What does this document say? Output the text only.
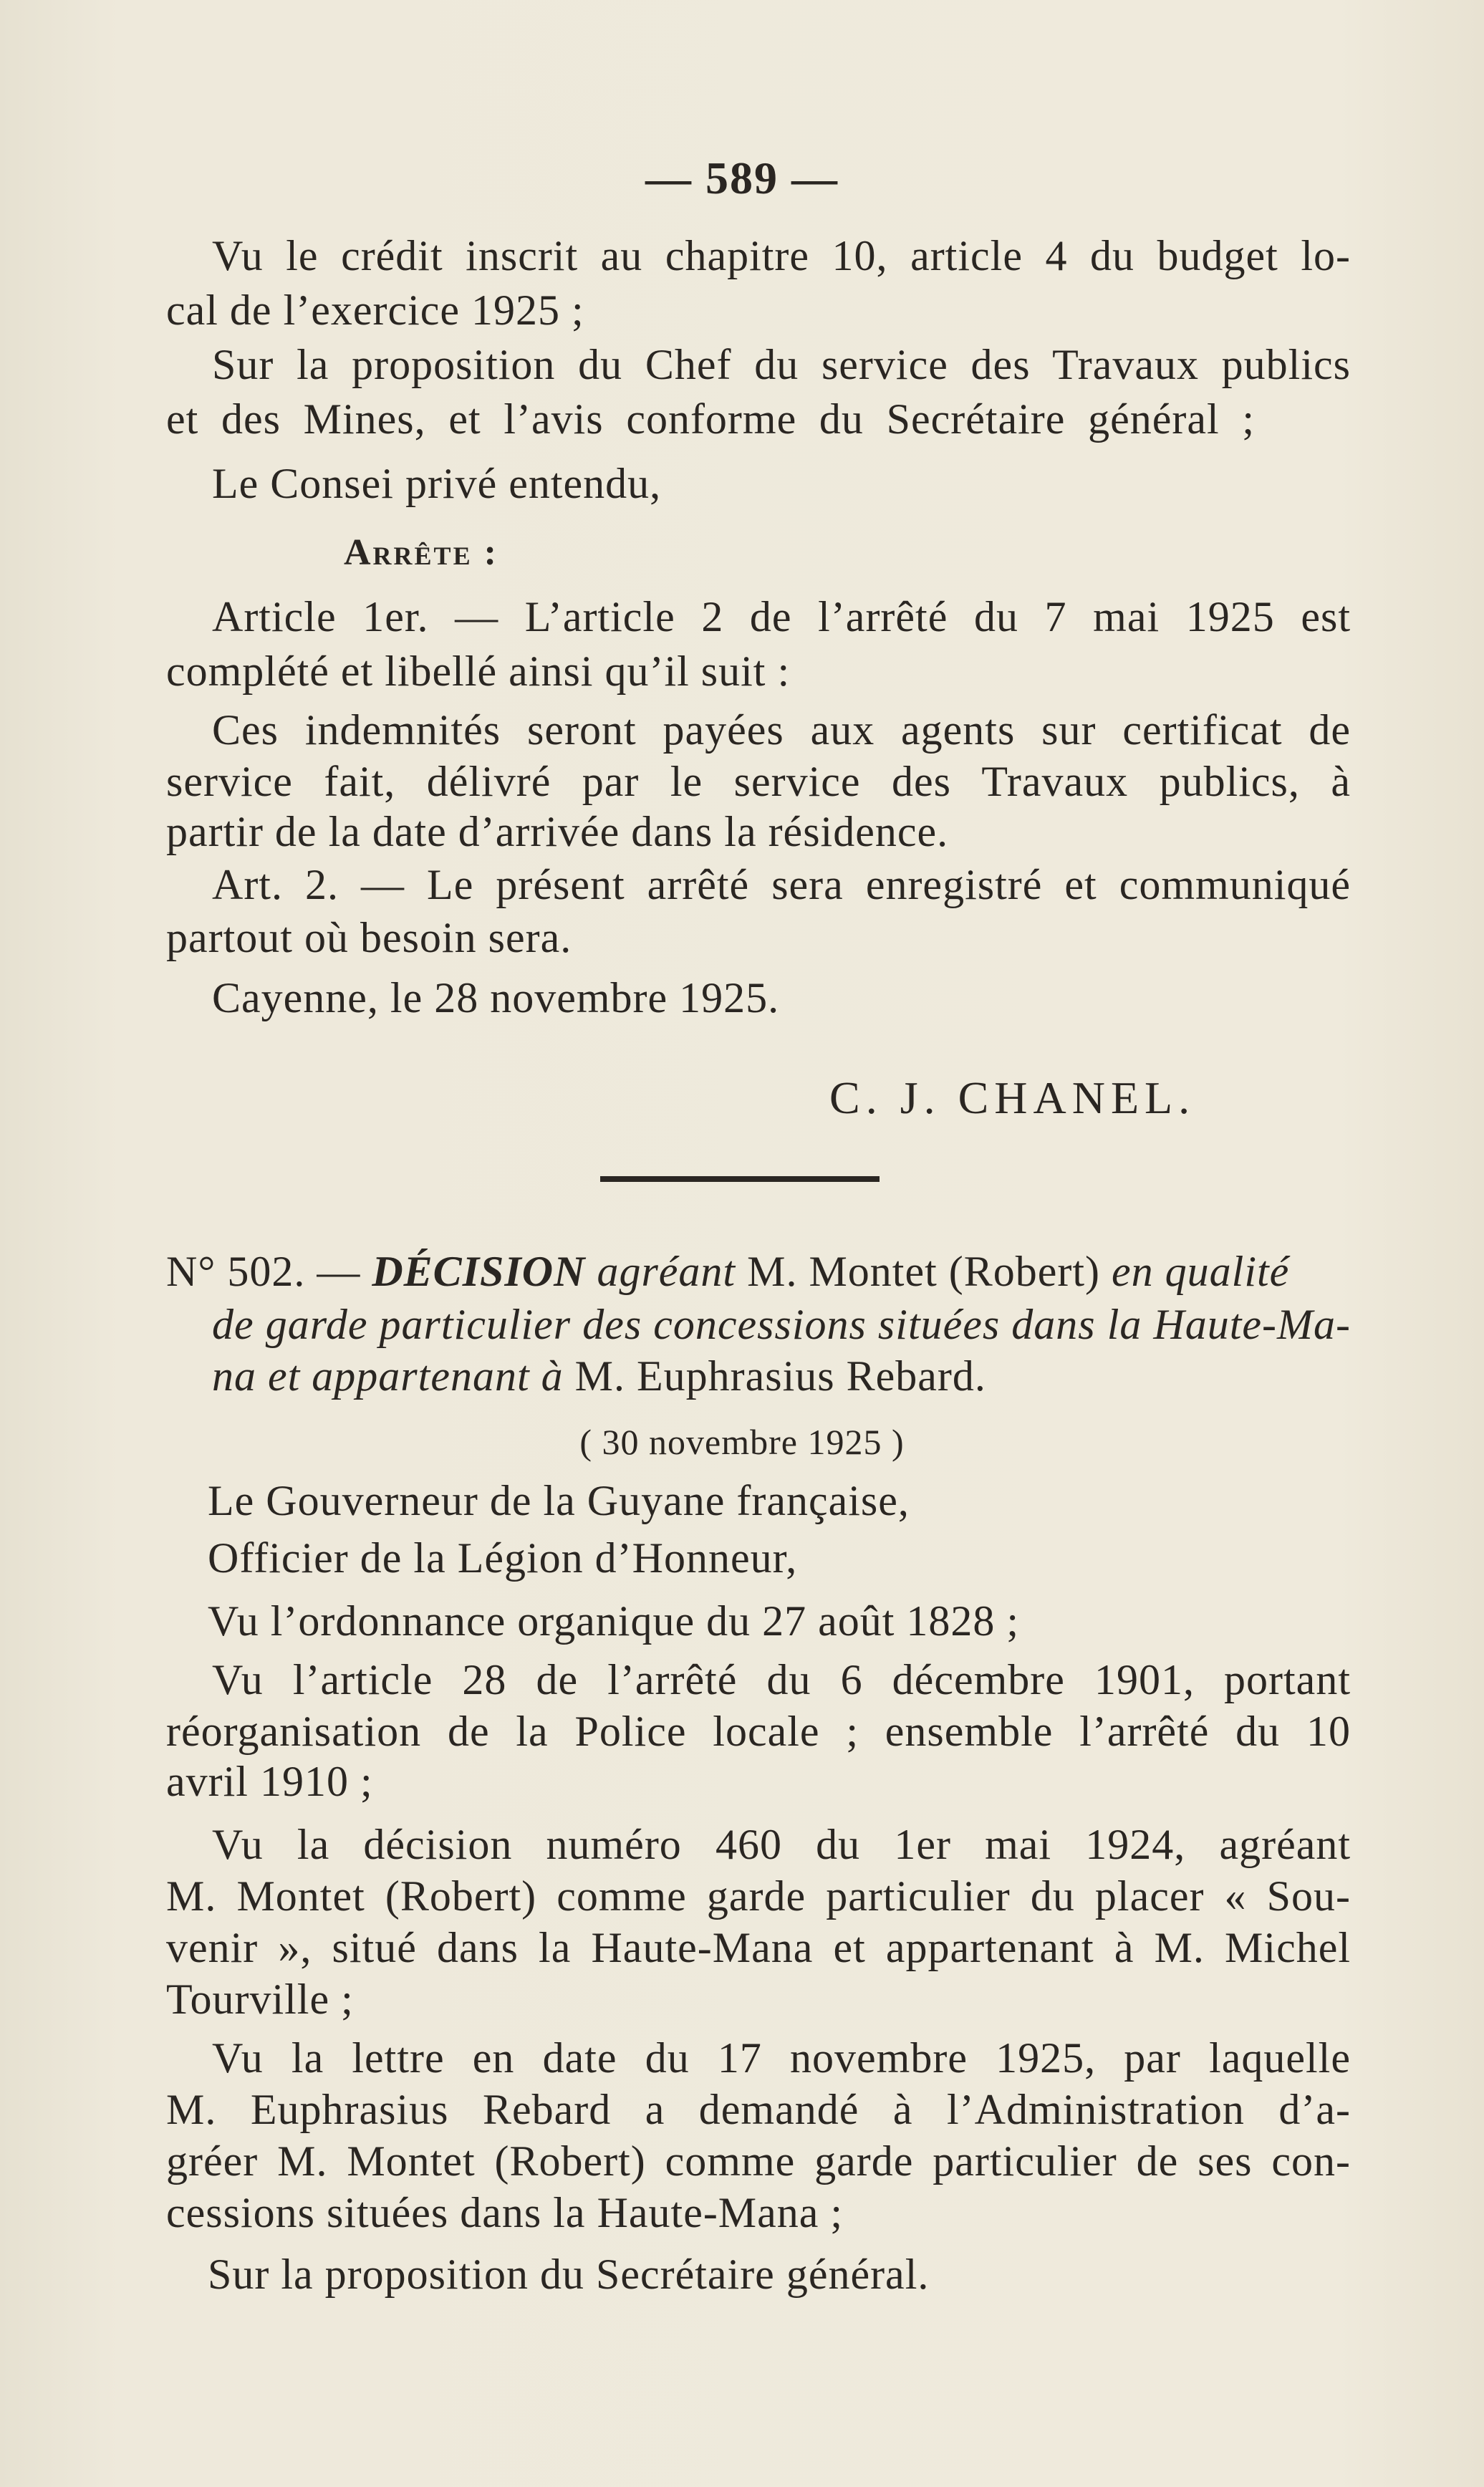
— 589 —
Vu le crédit inscrit au chapitre 10, article 4 du budget lo-
cal de l’exercice 1925 ;
Sur la proposition du Chef du service des Travaux publics
et des Mines, et l’avis conforme du Secrétaire général ;
Le Consei privé entendu,
Arrête :
Article 1er. — L’article 2 de l’arrêté du 7 mai 1925 est
complété et libellé ainsi qu’il suit :
Ces indemnités seront payées aux agents sur certificat de
service fait, délivré par le service des Travaux publics, à
partir de la date d’arrivée dans la résidence.
Art. 2. — Le présent arrêté sera enregistré et communiqué
partout où besoin sera.
Cayenne, le 28 novembre 1925.
C. J. CHANEL.
N° 502. — DÉCISION agréant M. Montet (Robert) en qualité
de garde particulier des concessions situées dans la Haute-Ma-
na et appartenant à M. Euphrasius Rebard.
( 30 novembre 1925 )
Le Gouverneur de la Guyane française,
Officier de la Légion d’Honneur,
Vu l’ordonnance organique du 27 août 1828 ;
Vu l’article 28 de l’arrêté du 6 décembre 1901, portant
réorganisation de la Police locale ; ensemble l’arrêté du 10
avril 1910 ;
Vu la décision numéro 460 du 1er mai 1924, agréant
M. Montet (Robert) comme garde particulier du placer « Sou-
venir », situé dans la Haute-Mana et appartenant à M. Michel
Tourville ;
Vu la lettre en date du 17 novembre 1925, par laquelle
M. Euphrasius Rebard a demandé à l’Administration d’a-
gréer M. Montet (Robert) comme garde particulier de ses con-
cessions situées dans la Haute-Mana ;
Sur la proposition du Secrétaire général.
